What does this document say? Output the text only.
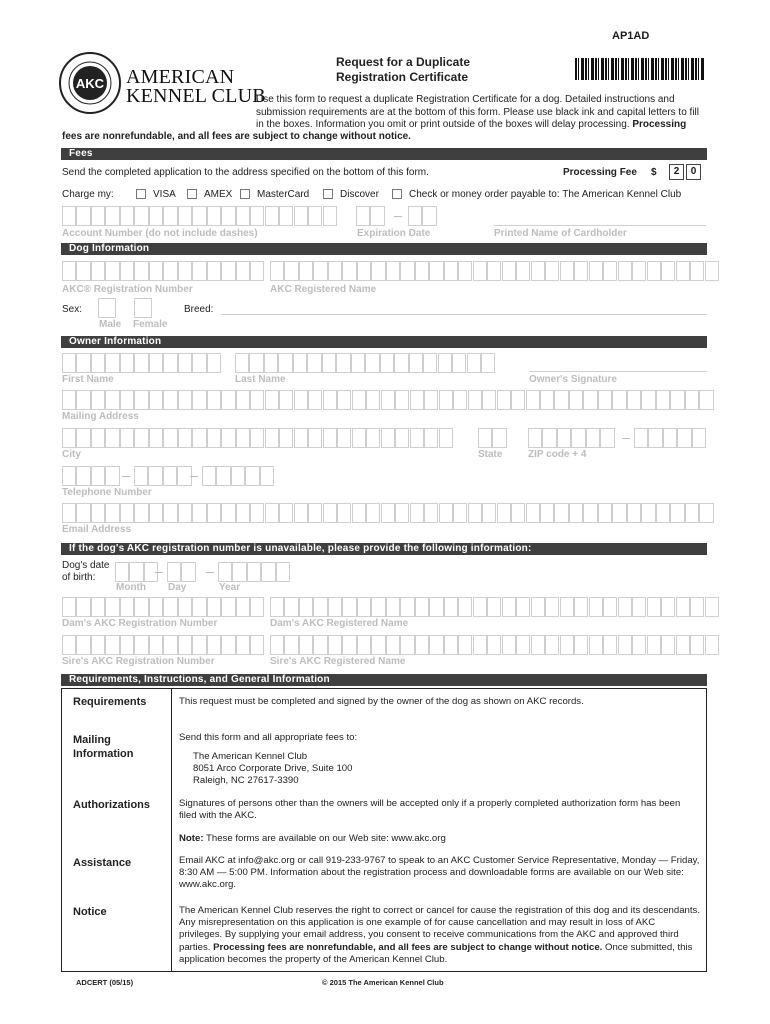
AP1AD
AKC AMERICAN
KENNEL CLUB
Request for a Duplicate
Registration Certificate
Use this form to request a duplicate Registration Certificate for a dog. Detailed instructions and submission requirements are at the bottom of this form. Please use black ink and capital letters to fill in the boxes. Information you omit or print outside of the boxes will delay processing. Processing
fees are nonrefundable, and all fees are subject to change without notice.
Fees
Send the completed application to the address specified on the bottom of this form.	Processing Fee $	2	0
Charge my:	VISA	AMEX MasterCard	Discover	Check or money order payable to: The American Kennel Club
Account Number (do not include dashes)	Expiration Date	Printed Name of Cardholder
Dog Information
AKC® Registration Number	AKC Registered Name
Sex:	Breed:
Male Female
Owner Information
First Name	Last Name	Owner's Signature
Mailing Address
City	State	ZIP code + 4
Telephone Number
Email Address
If the dog's AKC registration number is unavailable, please provide the following information:
Dog's date
of birth:
Month Day	Year
Dam's AKC Registration Number	Dam's AKC Registered Name
Sire's AKC Registration Number	Sire's AKC Registered Name
Requirements, Instructions, and General Information
Requirements	This request must be completed and signed by the owner of the dog as shown on AKC records.
Mailing
Information
Send this form and all appropriate fees to:
The American Kennel Club
8051 Arco Corporate Drive, Suite 100
Raleigh, NC 27617-3390
Authorizations	Signatures of persons other than the owners will be accepted only if a properly completed authorization form has been filed with the AKC.
Note: These forms are available on our Web site: www.akc.org
Assistance	Email AKC at info@akc.org or call 919-233-9767 to speak to an AKC Customer Service Representative, Monday — Friday, 8:30 AM — 5:00 PM. Information about the registration process and downloadable forms are available on our Web site: www.akc.org.
Notice	The American Kennel Club reserves the right to correct or cancel for cause the registration of this dog and its descendants. Any misrepresentation on this application is one example of for cause cancellation and may result in loss of AKC privileges. By supplying your email address, you consent to receive communications from the AKC and approved third parties. Processing fees are nonrefundable, and all fees are subject to change without notice. Once submitted, this application becomes the property of the American Kennel Club.
ADCERT (05/15)	© 2015 The American Kennel Club
